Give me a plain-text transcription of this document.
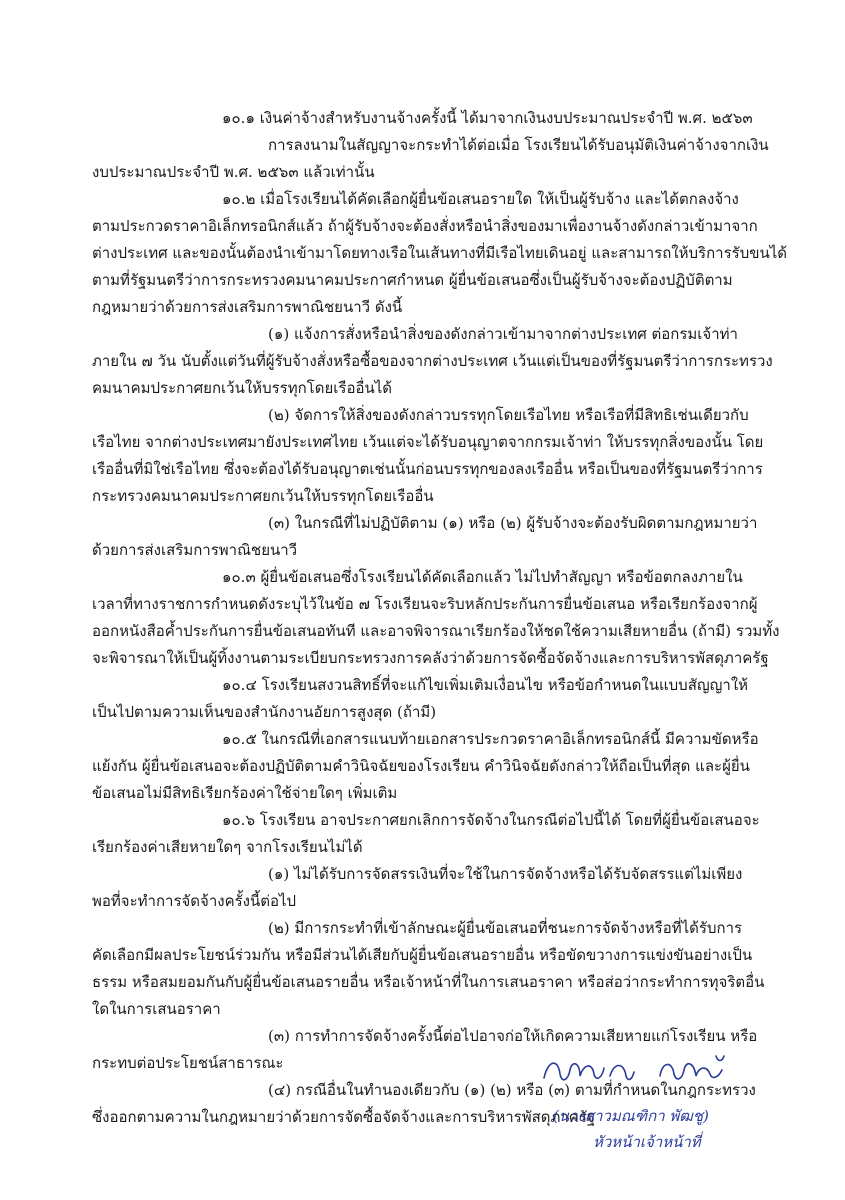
๑๐.๑ เงินค่าจ้างสำหรับงานจ้างครั้งนี้ ได้มาจากเงินงบประมาณประจำปี พ.ศ. ๒๕๖๓
การลงนามในสัญญาจะกระทำได้ต่อเมื่อ โรงเรียนได้รับอนุมัติเงินค่าจ้างจากเงิน
งบประมาณประจำปี พ.ศ. ๒๕๖๓ แล้วเท่านั้น
๑๐.๒ เมื่อโรงเรียนได้คัดเลือกผู้ยื่นข้อเสนอรายใด ให้เป็นผู้รับจ้าง และได้ตกลงจ้าง
ตามประกวดราคาอิเล็กทรอนิกส์แล้ว ถ้าผู้รับจ้างจะต้องสั่งหรือนำสิ่งของมาเพื่องานจ้างดังกล่าวเข้ามาจาก
ต่างประเทศ และของนั้นต้องนำเข้ามาโดยทางเรือในเส้นทางที่มีเรือไทยเดินอยู่ และสามารถให้บริการรับขนได้
ตามที่รัฐมนตรีว่าการกระทรวงคมนาคมประกาศกำหนด ผู้ยื่นข้อเสนอซึ่งเป็นผู้รับจ้างจะต้องปฏิบัติตาม
กฎหมายว่าด้วยการส่งเสริมการพาณิชยนาวี ดังนี้
(๑) แจ้งการสั่งหรือนำสิ่งของดังกล่าวเข้ามาจากต่างประเทศ ต่อกรมเจ้าท่า
ภายใน ๗ วัน นับตั้งแต่วันที่ผู้รับจ้างสั่งหรือซื้อของจากต่างประเทศ เว้นแต่เป็นของที่รัฐมนตรีว่าการกระทรวง
คมนาคมประกาศยกเว้นให้บรรทุกโดยเรืออื่นได้
(๒) จัดการให้สิ่งของดังกล่าวบรรทุกโดยเรือไทย หรือเรือที่มีสิทธิเช่นเดียวกับ
เรือไทย จากต่างประเทศมายังประเทศไทย เว้นแต่จะได้รับอนุญาตจากกรมเจ้าท่า ให้บรรทุกสิ่งของนั้น โดย
เรืออื่นที่มิใช่เรือไทย ซึ่งจะต้องได้รับอนุญาตเช่นนั้นก่อนบรรทุกของลงเรืออื่น หรือเป็นของที่รัฐมนตรีว่าการ
กระทรวงคมนาคมประกาศยกเว้นให้บรรทุกโดยเรืออื่น
(๓) ในกรณีที่ไม่ปฏิบัติตาม (๑) หรือ (๒) ผู้รับจ้างจะต้องรับผิดตามกฎหมายว่า
ด้วยการส่งเสริมการพาณิชยนาวี
๑๐.๓ ผู้ยื่นข้อเสนอซึ่งโรงเรียนได้คัดเลือกแล้ว ไม่ไปทำสัญญา หรือข้อตกลงภายใน
เวลาที่ทางราชการกำหนดดังระบุไว้ในข้อ ๗ โรงเรียนจะริบหลักประกันการยื่นข้อเสนอ หรือเรียกร้องจากผู้
ออกหนังสือค้ำประกันการยื่นข้อเสนอทันที และอาจพิจารณาเรียกร้องให้ชดใช้ความเสียหายอื่น (ถ้ามี) รวมทั้ง
จะพิจารณาให้เป็นผู้ทิ้งงานตามระเบียบกระทรวงการคลังว่าด้วยการจัดซื้อจัดจ้างและการบริหารพัสดุภาครัฐ
๑๐.๔ โรงเรียนสงวนสิทธิ์ที่จะแก้ไขเพิ่มเติมเงื่อนไข หรือข้อกำหนดในแบบสัญญาให้
เป็นไปตามความเห็นของสำนักงานอัยการสูงสุด (ถ้ามี)
๑๐.๕ ในกรณีที่เอกสารแนบท้ายเอกสารประกวดราคาอิเล็กทรอนิกส์นี้ มีความขัดหรือ
แย้งกัน ผู้ยื่นข้อเสนอจะต้องปฏิบัติตามคำวินิจฉัยของโรงเรียน คำวินิจฉัยดังกล่าวให้ถือเป็นที่สุด และผู้ยื่น
ข้อเสนอไม่มีสิทธิเรียกร้องค่าใช้จ่ายใดๆ เพิ่มเติม
๑๐.๖ โรงเรียน อาจประกาศยกเลิกการจัดจ้างในกรณีต่อไปนี้ได้ โดยที่ผู้ยื่นข้อเสนอจะ
เรียกร้องค่าเสียหายใดๆ จากโรงเรียนไม่ได้
(๑) ไม่ได้รับการจัดสรรเงินที่จะใช้ในการจัดจ้างหรือได้รับจัดสรรแต่ไม่เพียง
พอที่จะทำการจัดจ้างครั้งนี้ต่อไป
(๒) มีการกระทำที่เข้าลักษณะผู้ยื่นข้อเสนอที่ชนะการจัดจ้างหรือที่ได้รับการ
คัดเลือกมีผลประโยชน์ร่วมกัน หรือมีส่วนได้เสียกับผู้ยื่นข้อเสนอรายอื่น หรือขัดขวางการแข่งขันอย่างเป็น
ธรรม หรือสมยอมกันกับผู้ยื่นข้อเสนอรายอื่น หรือเจ้าหน้าที่ในการเสนอราคา หรือส่อว่ากระทำการทุจริตอื่น
ใดในการเสนอราคา
(๓) การทำการจัดจ้างครั้งนี้ต่อไปอาจก่อให้เกิดความเสียหายแก่โรงเรียน หรือ
กระทบต่อประโยชน์สาธารณะ
(๔) กรณีอื่นในทำนองเดียวกับ (๑) (๒) หรือ (๓) ตามที่กำหนดในกฎกระทรวง
ซึ่งออกตามความในกฎหมายว่าด้วยการจัดซื้อจัดจ้างและการบริหารพัสดุภาครัฐ
(นางสาวมณฑิกา พัฒชู)
หัวหน้าเจ้าหน้าที่
